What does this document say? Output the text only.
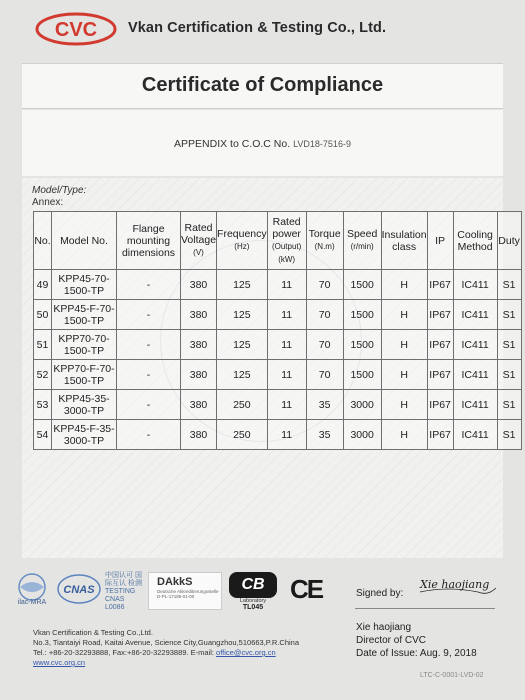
CVC Vkan Certification & Testing Co., Ltd.
Certificate of Compliance
APPENDIX to C.O.C No. LVD18-7516-9
Model/Type:
Annex:
No.	Model No.	Flange mounting dimensions	Rated Voltage
(V)	Frequency
(Hz)	Rated power
(Output) (kW)	Torque
(N.m)	Speed
(r/min)	Insulation class	IP	Cooling Method	Duty
49	KPP45-70-1500-TP	-	380	125	11	70	1500	H	IP67	IC411	S1
50	KPP45-F-70-1500-TP	-	380	125	11	70	1500	H	IP67	IC411	S1
51	KPP70-70-1500-TP	-	380	125	11	70	1500	H	IP67	IC411	S1
52	KPP70-F-70-1500-TP	-	380	125	11	70	1500	H	IP67	IC411	S1
53	KPP45-35-3000-TP	-	380	250	11	35	3000	H	IP67	IC411	S1
54	KPP45-F-35-3000-TP	-	380	250	11	35	3000	H	IP67	IC411	S1
ilac-MRA
CNAS
中国认可 国际互认 检测 TESTING CNAS L0086
DAkkS
Deutsche Akkreditierungsstelle D-PL-17186-01-00
CB
Laboratory
TL045
CE	Signed by:
Xie haojiang
Xie haojiang
Director of CVC
Date of Issue: Aug. 9, 2018
Vkan Certification & Testing Co.,Ltd.
No.3, Tiantaiyi Road, Kaitai Avenue, Science City,Guangzhou,510663,P.R.China
Tel.: +86-20-32293888, Fax:+86-20-32293889. E-mail: office@cvc.org.cn
www.cvc.org.cn
LTC-C-0001-LVD-02
